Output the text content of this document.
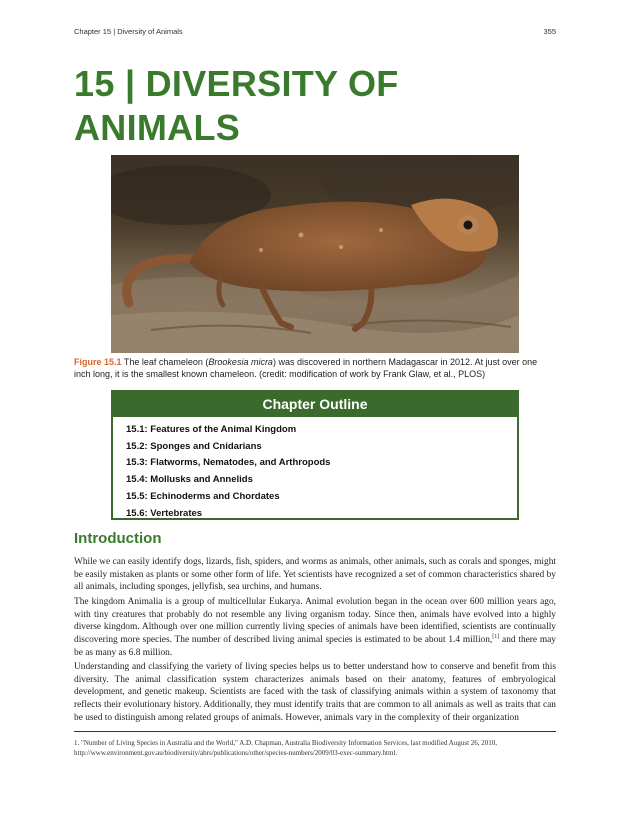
Chapter 15 | Diversity of Animals	355
15 | DIVERSITY OF ANIMALS

Figure 15.1 The leaf chameleon (Brookesia micra) was discovered in northern Madagascar in 2012. At just over one inch long, it is the smallest known chameleon. (credit: modification of work by Frank Glaw, et al., PLOS)

Chapter Outline
15.1: Features of the Animal Kingdom
15.2: Sponges and Cnidarians
15.3: Flatworms, Nematodes, and Arthropods
15.4: Mollusks and Annelids
15.5: Echinoderms and Chordates
15.6: Vertebrates
Introduction

While we can easily identify dogs, lizards, fish, spiders, and worms as animals, other animals, such as corals and sponges, might be easily mistaken as plants or some other form of life. Yet scientists have recognized a set of common characteristics shared by all animals, including sponges, jellyfish, sea urchins, and humans.

The kingdom Animalia is a group of multicellular Eukarya. Animal evolution began in the ocean over 600 million years ago, with tiny creatures that probably do not resemble any living organism today. Since then, animals have evolved into a highly diverse kingdom. Although over one million currently living species of animals have been identified, scientists are continually discovering more species. The number of described living animal species is estimated to be about 1.4 million,[1] and there may be as many as 6.8 million.

Understanding and classifying the variety of living species helps us to better understand how to conserve and benefit from this diversity. The animal classification system characterizes animals based on their anatomy, features of embryological development, and genetic makeup. Scientists are faced with the task of classifying animals within a system of taxonomy that reflects their evolutionary history. Additionally, they must identify traits that are common to all animals as well as traits that can be used to distinguish among related groups of animals. However, animals vary in the complexity of their organization

1. "Number of Living Species in Australia and the World," A.D. Chapman, Australia Biodiversity Information Services, last modified August 26, 2010, http://www.environment.gov.au/biodiversity/abrs/publications/other/species-numbers/2009/03-exec-summary.html.
